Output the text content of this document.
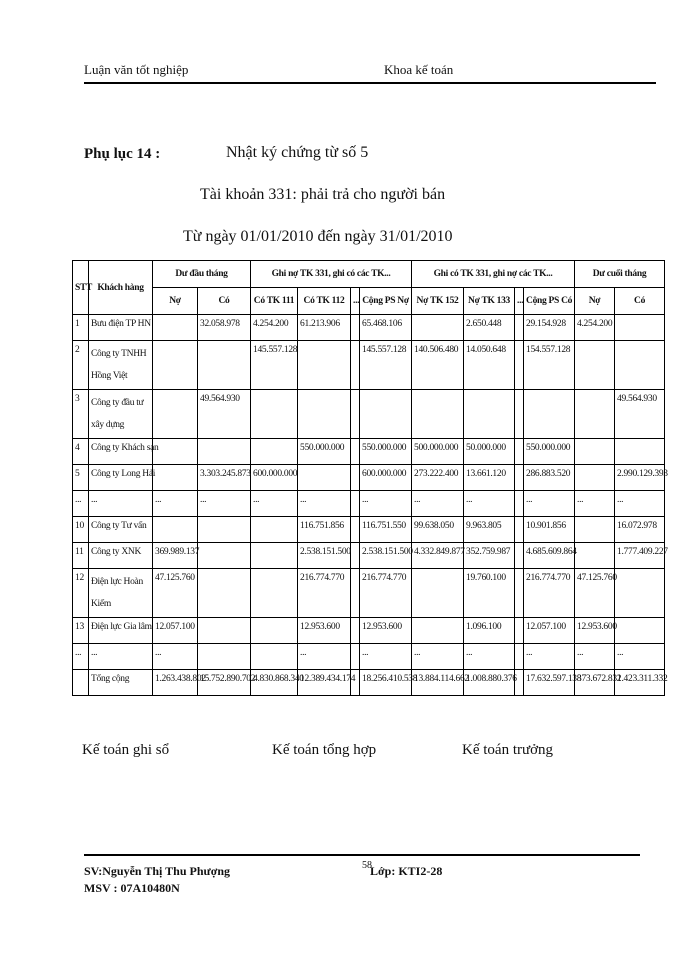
Luận văn tốt nghiệp	Khoa kế toán
Phụ lục 14 :	Nhật ký chứng từ số 5
Tài khoản 331: phải trả cho người bán
Từ ngày 01/01/2010 đến ngày 31/01/2010
STT	Khách hàng	Dư đầu tháng		Ghi nợ TK 331, ghi có các TK...				Ghi có TK 331, ghi nợ các TK...				Dư cuối tháng	
		Nợ	Có	Có TK 111	Có TK 112	...	Cộng PS Nợ	Nợ TK 152	Nợ TK 133	...	Cộng PS Có	Nợ	Có
1	Bưu điện TP HN		32.058.978	4.254.200	61.213.906		65.468.106		2.650.448		29.154.928	4.254.200	
2	Công ty TNHH Hồng Việt			145.557.128			145.557.128	140.506.480	14.050.648		154.557.128		
3	Công ty đầu tư xây dựng		49.564.930										49.564.930
4	Công ty Khách sạn				550.000.000		550.000.000	500.000.000	50.000.000		550.000.000		
5	Công ty Long Hải		3.303.245.873	600.000.000			600.000.000	273.222.400	13.661.120		286.883.520		2.990.129.393
...	...	...	...	...	...		...	...	...		...	...	...
10	Công ty Tư vấn				116.751.856		116.751.550	99.638.050	9.963.805		10.901.856		16.072.978
11	Công ty XNK	369.989.137			2.538.151.500		2.538.151.500	4.332.849.877	352.759.987		4.685.609.864		1.777.409.227
12	Điện lực Hoàn Kiếm	47.125.760			216.774.770		216.774.770		19.760.100		216.774.770	47.125.760	
13	Điện lực Gia lâm	12.057.100			12.953.600		12.953.600		1.096.100		12.057.100	12.953.600	
...	...	...			...		...	...	...		...	...	...
	Tổng cộng	1.263.438.802	15.752.890.702	4.830.868.340	12.389.434.174		18.256.410.538	13.884.114.662	1.008.880.376		17.632.597.138	373.672.832	1.423.311.332
Kế toán ghi sổ	Kế toán tổng hợp	Kế toán trưởng
SV:Nguyễn Thị Thu Phượng
MSV : 07A10480N
58
Lớp: KTI2-28
